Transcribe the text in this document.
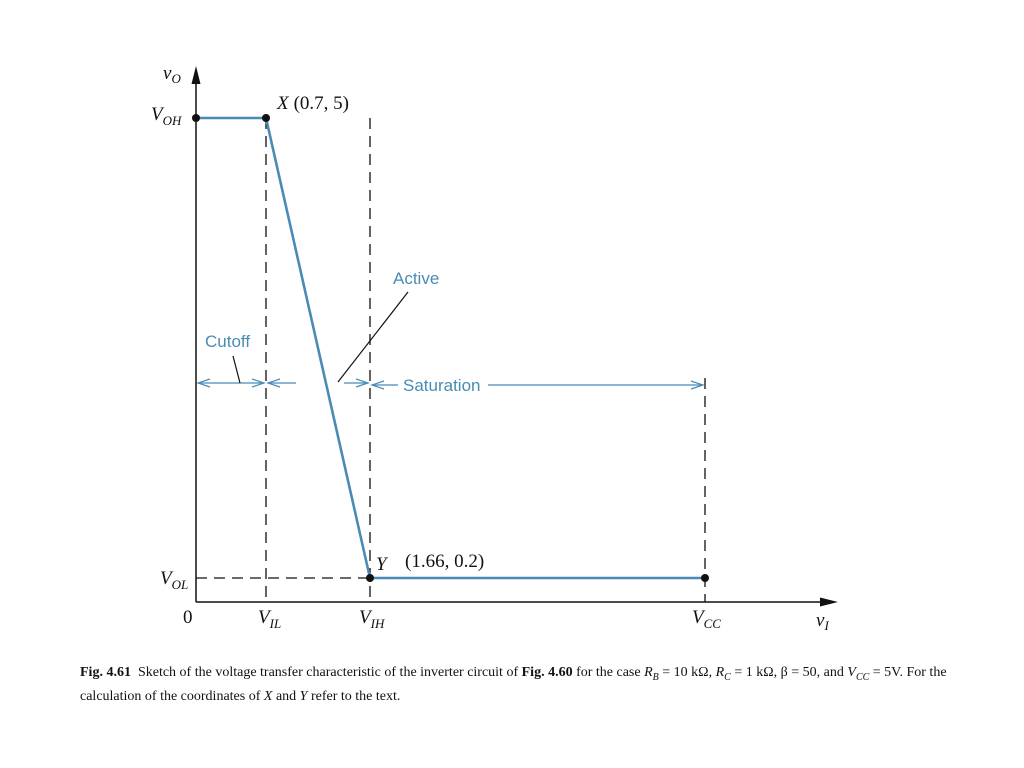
Cutoff
Active
Saturation
$v_O$
$V_{OH}$
$V_{OL}$
0	$V_{IL}$	$V_{IH}$	$V_{CC}$	$v_I$
X (0.7, 5)
Y (1.66, 0.2)
Fig. 4.61 Sketch of the voltage transfer characteristic of the inverter circuit of Fig. 4.60 for the case $R_B = 10$ kΩ, $R_C = 1$ kΩ, β = 50, and $V_{CC} = 5V$. For the calculation of the coordinates of X and Y refer to the text.
